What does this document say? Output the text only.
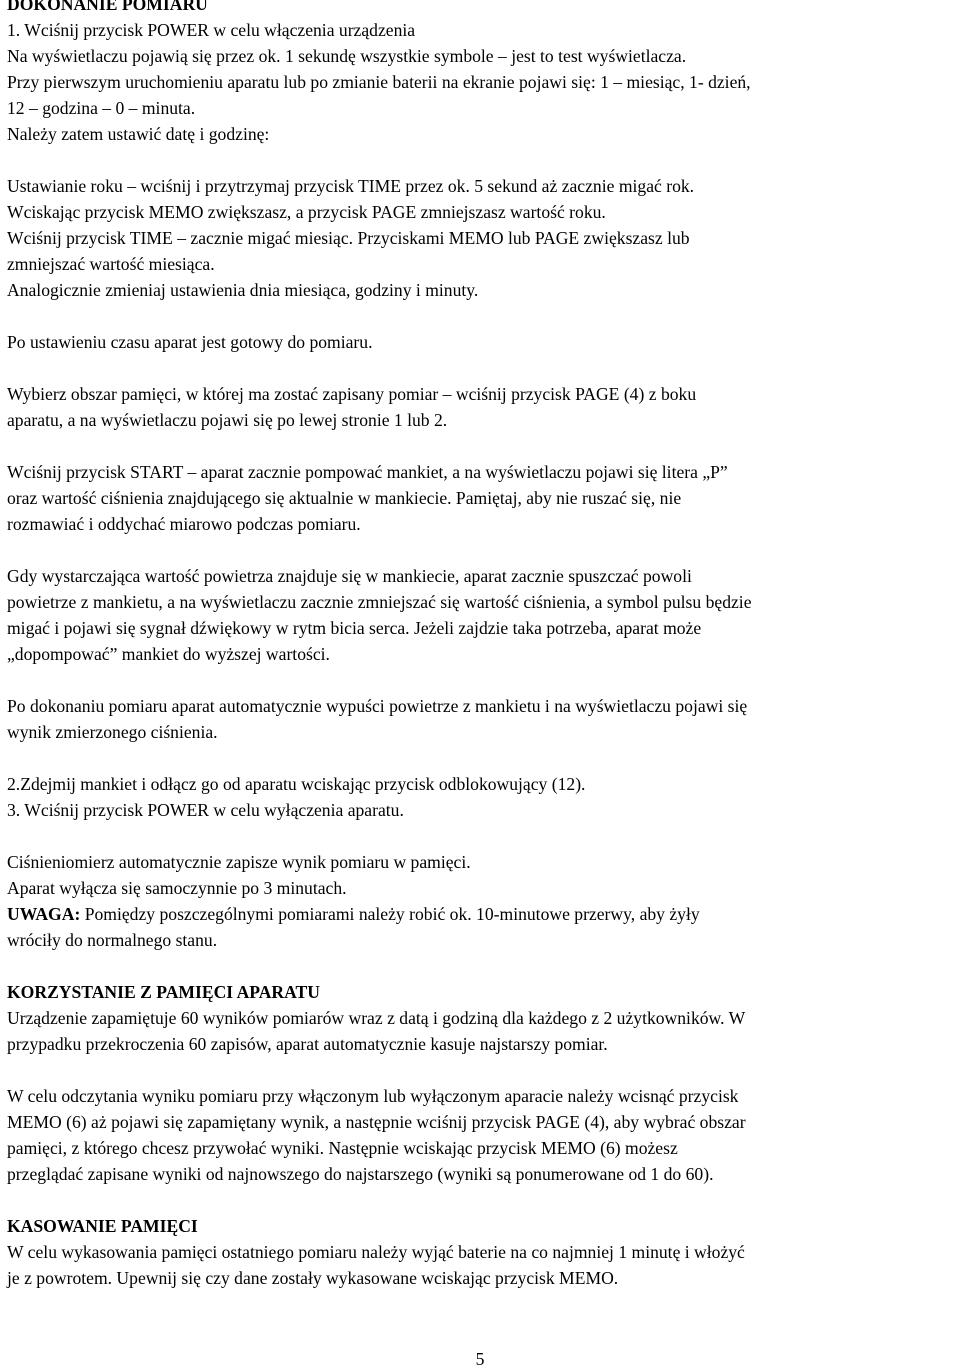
DOKONANIE POMIARU
1. Wciśnij przycisk POWER w celu włączenia urządzenia
Na wyświetlaczu pojawią się przez ok. 1 sekundę wszystkie symbole – jest to test wyświetlacza.
Przy pierwszym uruchomieniu aparatu lub po zmianie baterii na ekranie pojawi się: 1 – miesiąc, 1- dzień,
12 – godzina – 0 – minuta.
Należy zatem ustawić datę i godzinę:
Ustawianie roku – wciśnij i przytrzymaj przycisk TIME przez ok. 5 sekund aż zacznie migać rok.
Wciskając przycisk MEMO zwiększasz, a przycisk PAGE zmniejszasz wartość roku.
Wciśnij przycisk TIME – zacznie migać miesiąc. Przyciskami MEMO lub PAGE zwiększasz lub
zmniejszać wartość miesiąca.
Analogicznie zmieniaj ustawienia dnia miesiąca, godziny i minuty.
Po ustawieniu czasu aparat jest gotowy do pomiaru.
Wybierz obszar pamięci, w której ma zostać zapisany pomiar – wciśnij przycisk PAGE (4) z boku
aparatu, a na wyświetlaczu pojawi się po lewej stronie 1 lub 2.
Wciśnij przycisk START – aparat zacznie pompować mankiet, a na wyświetlaczu pojawi się litera „P”
oraz wartość ciśnienia znajdującego się aktualnie w mankiecie. Pamiętaj, aby nie ruszać się, nie
rozmawiać i oddychać miarowo podczas pomiaru.
Gdy wystarczająca wartość powietrza znajduje się w mankiecie, aparat zacznie spuszczać powoli
powietrze z mankietu, a na wyświetlaczu zacznie zmniejszać się wartość ciśnienia, a symbol pulsu będzie
migać i pojawi się sygnał dźwiękowy w rytm bicia serca. Jeżeli zajdzie taka potrzeba, aparat może
„dopompować” mankiet do wyższej wartości.
Po dokonaniu pomiaru aparat automatycznie wypuści powietrze z mankietu i na wyświetlaczu pojawi się
wynik zmierzonego ciśnienia.
2.Zdejmij mankiet i odłącz go od aparatu wciskając przycisk odblokowujący (12).
3. Wciśnij przycisk POWER w celu wyłączenia aparatu.
Ciśnieniomierz automatycznie zapisze wynik pomiaru w pamięci.
Aparat wyłącza się samoczynnie po 3 minutach.
UWAGA: Pomiędzy poszczególnymi pomiarami należy robić ok. 10-minutowe przerwy, aby żyły
wróciły do normalnego stanu.
KORZYSTANIE Z PAMIĘCI APARATU
Urządzenie zapamiętuje 60 wyników pomiarów wraz z datą i godziną dla każdego z 2 użytkowników. W
przypadku przekroczenia 60 zapisów, aparat automatycznie kasuje najstarszy pomiar.
W celu odczytania wyniku pomiaru przy włączonym lub wyłączonym aparacie należy wcisnąć przycisk
MEMO (6) aż pojawi się zapamiętany wynik, a następnie wciśnij przycisk PAGE (4), aby wybrać obszar
pamięci, z którego chcesz przywołać wyniki. Następnie wciskając przycisk MEMO (6) możesz
przeglądać zapisane wyniki od najnowszego do najstarszego (wyniki są ponumerowane od 1 do 60).
KASOWANIE PAMIĘCI
W celu wykasowania pamięci ostatniego pomiaru należy wyjąć baterie na co najmniej 1 minutę i włożyć
je z powrotem. Upewnij się czy dane zostały wykasowane wciskając przycisk MEMO.
5
